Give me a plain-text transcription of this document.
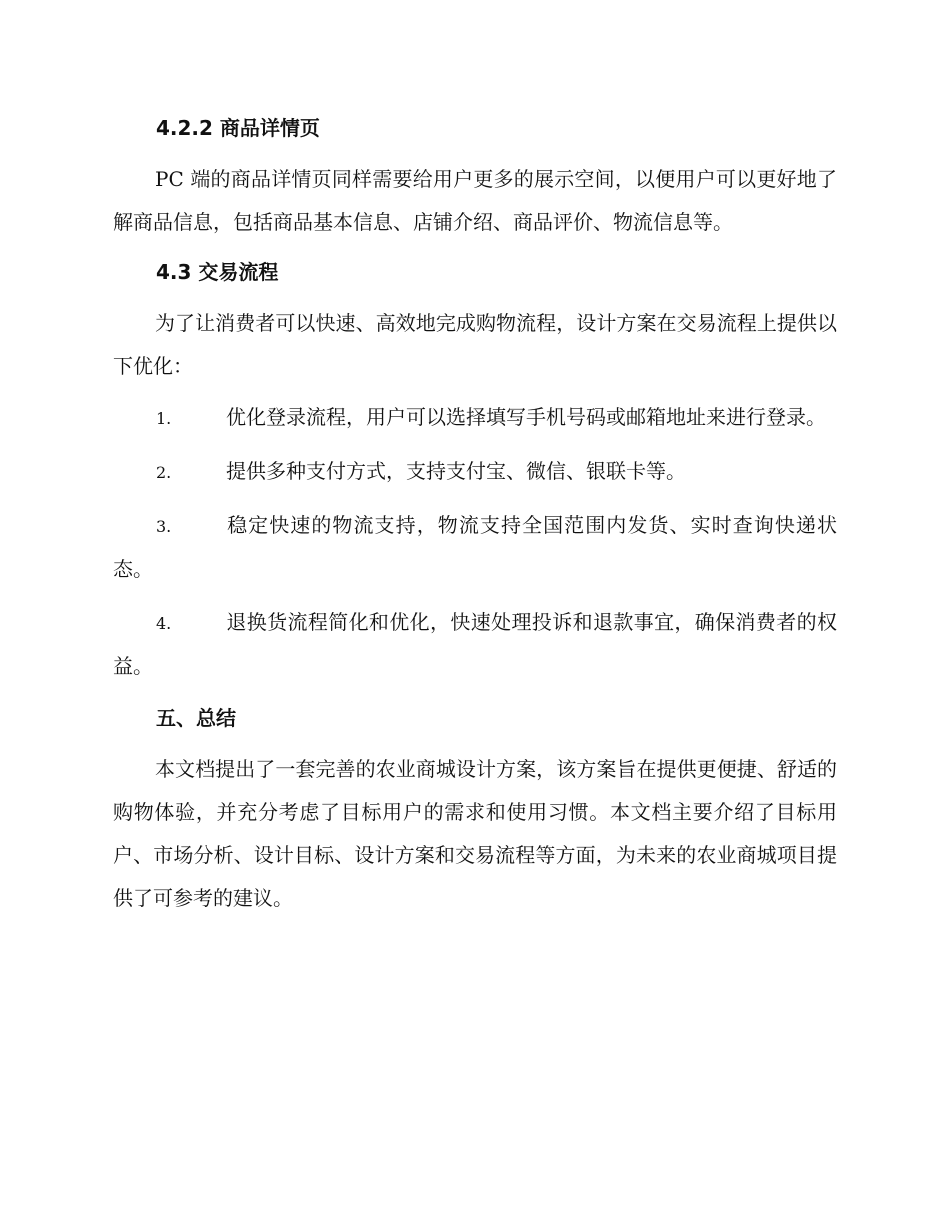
4.2.2 商品详情页

PC 端的商品详情页同样需要给用户更多的展示空间，以便用户可以更好地了解商品信息，包括商品基本信息、店铺介绍、商品评价、物流信息等。

4.3 交易流程

为了让消费者可以快速、高效地完成购物流程，设计方案在交易流程上提供以下优化：

1.	优化登录流程，用户可以选择填写手机号码或邮箱地址来进行登录。

2.	提供多种支付方式，支持支付宝、微信、银联卡等。

3.	稳定快速的物流支持，物流支持全国范围内发货、实时查询快递状态。

4.	退换货流程简化和优化，快速处理投诉和退款事宜，确保消费者的权益。

五、总结

本文档提出了一套完善的农业商城设计方案，该方案旨在提供更便捷、舒适的购物体验，并充分考虑了目标用户的需求和使用习惯。本文档主要介绍了目标用户、市场分析、设计目标、设计方案和交易流程等方面，为未来的农业商城项目提供了可参考的建议。
